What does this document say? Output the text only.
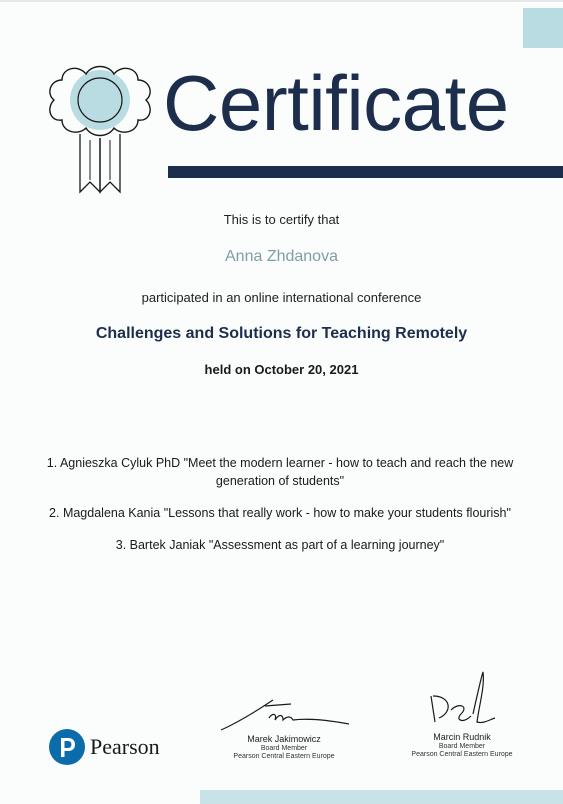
Certificate

This is to certify that

Anna Zhdanova

participated in an online international conference

Challenges and Solutions for Teaching Remotely

held on October 20, 2021

1. Agnieszka Cyluk PhD "Meet the modern learner - how to teach and reach the new generation of students"
2. Magdalena Kania "Lessons that really work - how to make your students flourish"
3. Bartek Janiak "Assessment as part of a learning journey"
Pearson	Marek Jakimowicz

Board Member

Pearson Central Eastern Europe

Marcin Rudnik

Board Member

Pearson Central Eastern Europe
